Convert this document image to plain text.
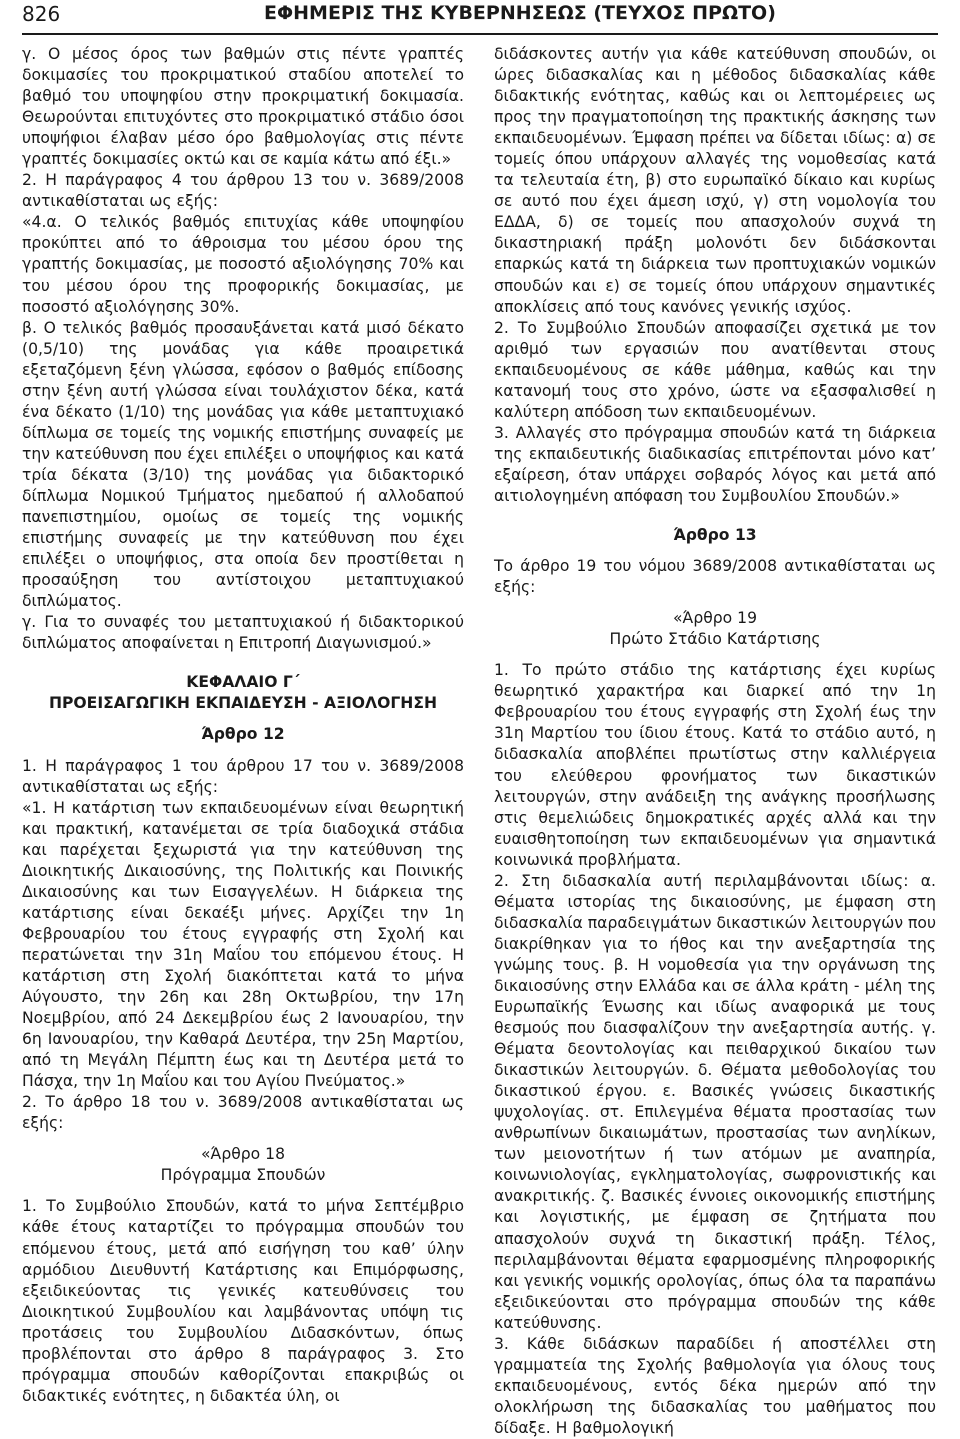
826	ΕΦΗΜΕΡΙΣ ΤΗΣ ΚΥΒΕΡΝΗΣΕΩΣ (ΤΕΥΧΟΣ ΠΡΩΤΟ)

γ. Ο μέσος όρος των βαθμών στις πέντε γραπτές δοκιμασίες του προκριματικού σταδίου αποτελεί το βαθμό του υποψηφίου στην προκριματική δοκιμασία. Θεωρούνται επιτυχόντες στο προκριματικό στάδιο όσοι υποψήφιοι έλαβαν μέσο όρο βαθμολογίας στις πέντε γραπτές δοκιμασίες οκτώ και σε καμία κάτω από έξι.»

2. Η παράγραφος 4 του άρθρου 13 του ν. 3689/2008 αντικαθίσταται ως εξής:

«4.α. Ο τελικός βαθμός επιτυχίας κάθε υποψηφίου προκύπτει από το άθροισμα του μέσου όρου της γραπτής δοκιμασίας, με ποσοστό αξιολόγησης 70% και του μέσου όρου της προφορικής δοκιμασίας, με ποσοστό αξιολόγησης 30%.

β. Ο τελικός βαθμός προσαυξάνεται κατά μισό δέκατο (0,5/10) της μονάδας για κάθε προαιρετικά εξεταζόμενη ξένη γλώσσα, εφόσον ο βαθμός επίδοσης στην ξένη αυτή γλώσσα είναι τουλάχιστον δέκα, κατά ένα δέκατο (1/10) της μονάδας για κάθε μεταπτυχιακό δίπλωμα σε τομείς της νομικής επιστήμης συναφείς με την κατεύθυνση που έχει επιλέξει ο υποψήφιος και κατά τρία δέκατα (3/10) της μονάδας για διδακτορικό δίπλωμα Νομικού Τμήματος ημεδαπού ή αλλοδαπού πανεπιστημίου, ομοίως σε τομείς της νομικής επιστήμης συναφείς με την κατεύθυνση που έχει επιλέξει ο υποψήφιος, στα οποία δεν προστίθεται η προσαύξηση του αντίστοιχου μεταπτυχιακού διπλώματος.

γ. Για το συναφές του μεταπτυχιακού ή διδακτορικού διπλώματος αποφαίνεται η Επιτροπή Διαγωνισμού.»

ΚΕΦΑΛΑΙΟ Γ΄

ΠΡΟΕΙΣΑΓΩΓΙΚΗ ΕΚΠΑΙΔΕΥΣΗ - ΑΞΙΟΛΟΓΗΣΗ

Άρθρο 12

1. Η παράγραφος 1 του άρθρου 17 του ν. 3689/2008 αντικαθίσταται ως εξής:

«1. Η κατάρτιση των εκπαιδευομένων είναι θεωρητική και πρακτική, κατανέμεται σε τρία διαδοχικά στάδια και παρέχεται ξεχωριστά για την κατεύθυνση της Διοικητικής Δικαιοσύνης, της Πολιτικής και Ποινικής Δικαιοσύνης και των Εισαγγελέων. Η διάρκεια της κατάρτισης είναι δεκαέξι μήνες. Αρχίζει την 1η Φεβρουαρίου του έτους εγγραφής στη Σχολή και περατώνεται την 31η Μαΐου του επόμενου έτους. Η κατάρτιση στη Σχολή διακόπτεται κατά το μήνα Αύγουστο, την 26η και 28η Οκτωβρίου, την 17η Νοεμβρίου, από 24 Δεκεμβρίου έως 2 Ιανουαρίου, την 6η Ιανουαρίου, την Καθαρά Δευτέρα, την 25η Μαρτίου, από τη Μεγάλη Πέμπτη έως και τη Δευτέρα μετά το Πάσχα, την 1η Μαΐου και του Αγίου Πνεύματος.»

2. Το άρθρο 18 του ν. 3689/2008 αντικαθίσταται ως εξής:

«Άρθρο 18

Πρόγραμμα Σπουδών

1. Το Συμβούλιο Σπουδών, κατά το μήνα Σεπτέμβριο κάθε έτους καταρτίζει το πρόγραμμα σπουδών του επόμενου έτους, μετά από εισήγηση του καθ’ ύλην αρμόδιου Διευθυντή Κατάρτισης και Επιμόρφωσης, εξειδικεύοντας τις γενικές κατευθύνσεις του Διοικητικού Συμβουλίου και λαμβάνοντας υπόψη τις προτάσεις του Συμβουλίου Διδασκόντων, όπως προβλέπονται στο άρθρο 8 παράγραφος 3. Στο πρόγραμμα σπουδών καθορίζονται επακριβώς οι διδακτικές ενότητες, η διδακτέα ύλη, οι

διδάσκοντες αυτήν για κάθε κατεύθυνση σπουδών, οι ώρες διδασκαλίας και η μέθοδος διδασκαλίας κάθε διδακτικής ενότητας, καθώς και οι λεπτομέρειες ως προς την πραγματοποίηση της πρακτικής άσκησης των εκπαιδευομένων. Έμφαση πρέπει να δίδεται ιδίως: α) σε τομείς όπου υπάρχουν αλλαγές της νομοθεσίας κατά τα τελευταία έτη, β) στο ευρωπαϊκό δίκαιο και κυρίως σε αυτό που έχει άμεση ισχύ, γ) στη νομολογία του ΕΔΔΑ, δ) σε τομείς που απασχολούν συχνά τη δικαστηριακή πράξη μολονότι δεν διδάσκονται επαρκώς κατά τη διάρκεια των προπτυχιακών νομικών σπουδών και ε) σε τομείς όπου υπάρχουν σημαντικές αποκλίσεις από τους κανόνες γενικής ισχύος.

2. Το Συμβούλιο Σπουδών αποφασίζει σχετικά με τον αριθμό των εργασιών που ανατίθενται στους εκπαιδευομένους σε κάθε μάθημα, καθώς και την κατανομή τους στο χρόνο, ώστε να εξασφαλισθεί η καλύτερη απόδοση των εκπαιδευομένων.

3. Αλλαγές στο πρόγραμμα σπουδών κατά τη διάρκεια της εκπαιδευτικής διαδικασίας επιτρέπονται μόνο κατ’ εξαίρεση, όταν υπάρχει σοβαρός λόγος και μετά από αιτιολογημένη απόφαση του Συμβουλίου Σπουδών.»

Άρθρο 13

Το άρθρο 19 του νόμου 3689/2008 αντικαθίσταται ως εξής:

«Άρθρο 19

Πρώτο Στάδιο Κατάρτισης

1. Το πρώτο στάδιο της κατάρτισης έχει κυρίως θεωρητικό χαρακτήρα και διαρκεί από την 1η Φεβρουαρίου του έτους εγγραφής στη Σχολή έως την 31η Μαρτίου του ίδιου έτους. Κατά το στάδιο αυτό, η διδασκαλία αποβλέπει πρωτίστως στην καλλιέργεια του ελεύθερου φρονήματος των δικαστικών λειτουργών, στην ανάδειξη της ανάγκης προσήλωσης στις θεμελιώδεις δημοκρατικές αρχές αλλά και την ευαισθητοποίηση των εκπαιδευομένων για σημαντικά κοινωνικά προβλήματα.

2. Στη διδασκαλία αυτή περιλαμβάνονται ιδίως: α. Θέματα ιστορίας της δικαιοσύνης, με έμφαση στη διδασκαλία παραδειγμάτων δικαστικών λειτουργών που διακρίθηκαν για το ήθος και την ανεξαρτησία της γνώμης τους. β. Η νομοθεσία για την οργάνωση της δικαιοσύνης στην Ελλάδα και σε άλλα κράτη - μέλη της Ευρωπαϊκής Ένωσης και ιδίως αναφορικά με τους θεσμούς που διασφαλίζουν την ανεξαρτησία αυτής. γ. Θέματα δεοντολογίας και πειθαρχικού δικαίου των δικαστικών λειτουργών. δ. Θέματα μεθοδολογίας του δικαστικού έργου. ε. Βασικές γνώσεις δικαστικής ψυχολογίας. στ. Επιλεγμένα θέματα προστασίας των ανθρωπίνων δικαιωμάτων, προστασίας των ανηλίκων, των μειονοτήτων ή των ατόμων με αναπηρία, κοινωνιολογίας, εγκληματολογίας, σωφρονιστικής και ανακριτικής. ζ. Βασικές έννοιες οικονομικής επιστήμης και λογιστικής, με έμφαση σε ζητήματα που απασχολούν συχνά τη δικαστική πράξη. Τέλος, περιλαμβάνονται θέματα εφαρμοσμένης πληροφορικής και γενικής νομικής ορολογίας, όπως όλα τα παραπάνω εξειδικεύονται στο πρόγραμμα σπουδών της κάθε κατεύθυνσης.

3. Κάθε διδάσκων παραδίδει ή αποστέλλει στη γραμματεία της Σχολής βαθμολογία για όλους τους εκπαιδευομένους, εντός δέκα ημερών από την ολοκλήρωση της διδασκαλίας του μαθήματος που δίδαξε. Η βαθμολογική
